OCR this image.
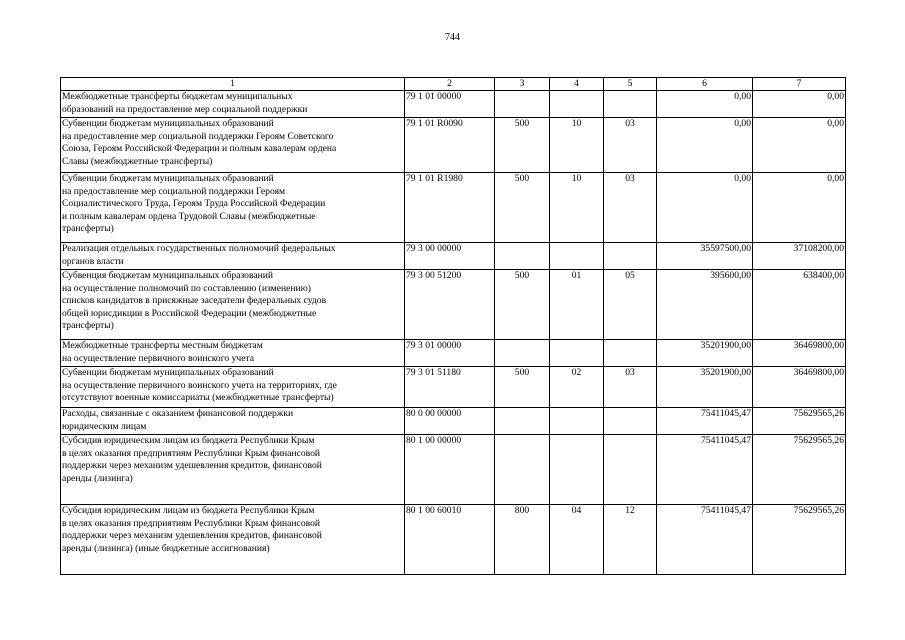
744
1	2	3	4	5	6	7
Межбюджетные трансферты бюджетам муниципальных
образований на предоставление мер социальной поддержки	79 1 01 00000				0,00	0,00
Субвенции бюджетам муниципальных образований
на предоставление мер социальной поддержки Героям Советского
Союза, Героям Российской Федерации и полным кавалерам ордена
Славы (межбюджетные трансферты)	79 1 01 R0090	500	10	03	0,00	0,00
Субвенции бюджетам муниципальных образований
на предоставление мер социальной поддержки Героям
Социалистического Труда, Героям Труда Российской Федерации
и полным кавалерам ордена Трудовой Славы (межбюджетные
трансферты)	79 1 01 R1980	500	10	03	0,00	0,00
Реализация отдельных государственных полномочий федеральных
органов власти	79 3 00 00000				35597500,00	37108200,00
Субвенция бюджетам муниципальных образований
на осуществление полномочий по составлению (изменению)
списков кандидатов в присяжные заседатели федеральных судов
общей юрисдикции в Российской Федерации (межбюджетные
трансферты)	79 3 00 51200	500	01	05	395600,00	638400,00
Межбюджетные трансферты местным бюджетам
на осуществление первичного воинского учета	79 3 01 00000				35201900,00	36469800,00
Субвенции бюджетам муниципальных образований
на осуществление первичного воинского учета на территориях, где
отсутствуют военные комиссариаты (межбюджетные трансферты)	79 3 01 51180	500	02	03	35201900,00	36469800,00
Расходы, связанные с оказанием финансовой поддержки
юридическим лицам	80 0 00 00000				75411045,47	75629565,26
Субсидия юридическим лицам из бюджета Республики Крым
в целях оказания предприятиям Республики Крым финансовой
поддержки через механизм удешевления кредитов, финансовой
аренды (лизинга)	80 1 00 00000				75411045,47	75629565,26
Субсидия юридическим лицам из бюджета Республики Крым
в целях оказания предприятиям Республики Крым финансовой
поддержки через механизм удешевления кредитов, финансовой
аренды (лизинга) (иные бюджетные ассигнования)	80 1 00 60010	800	04	12	75411045,47	75629565,26
